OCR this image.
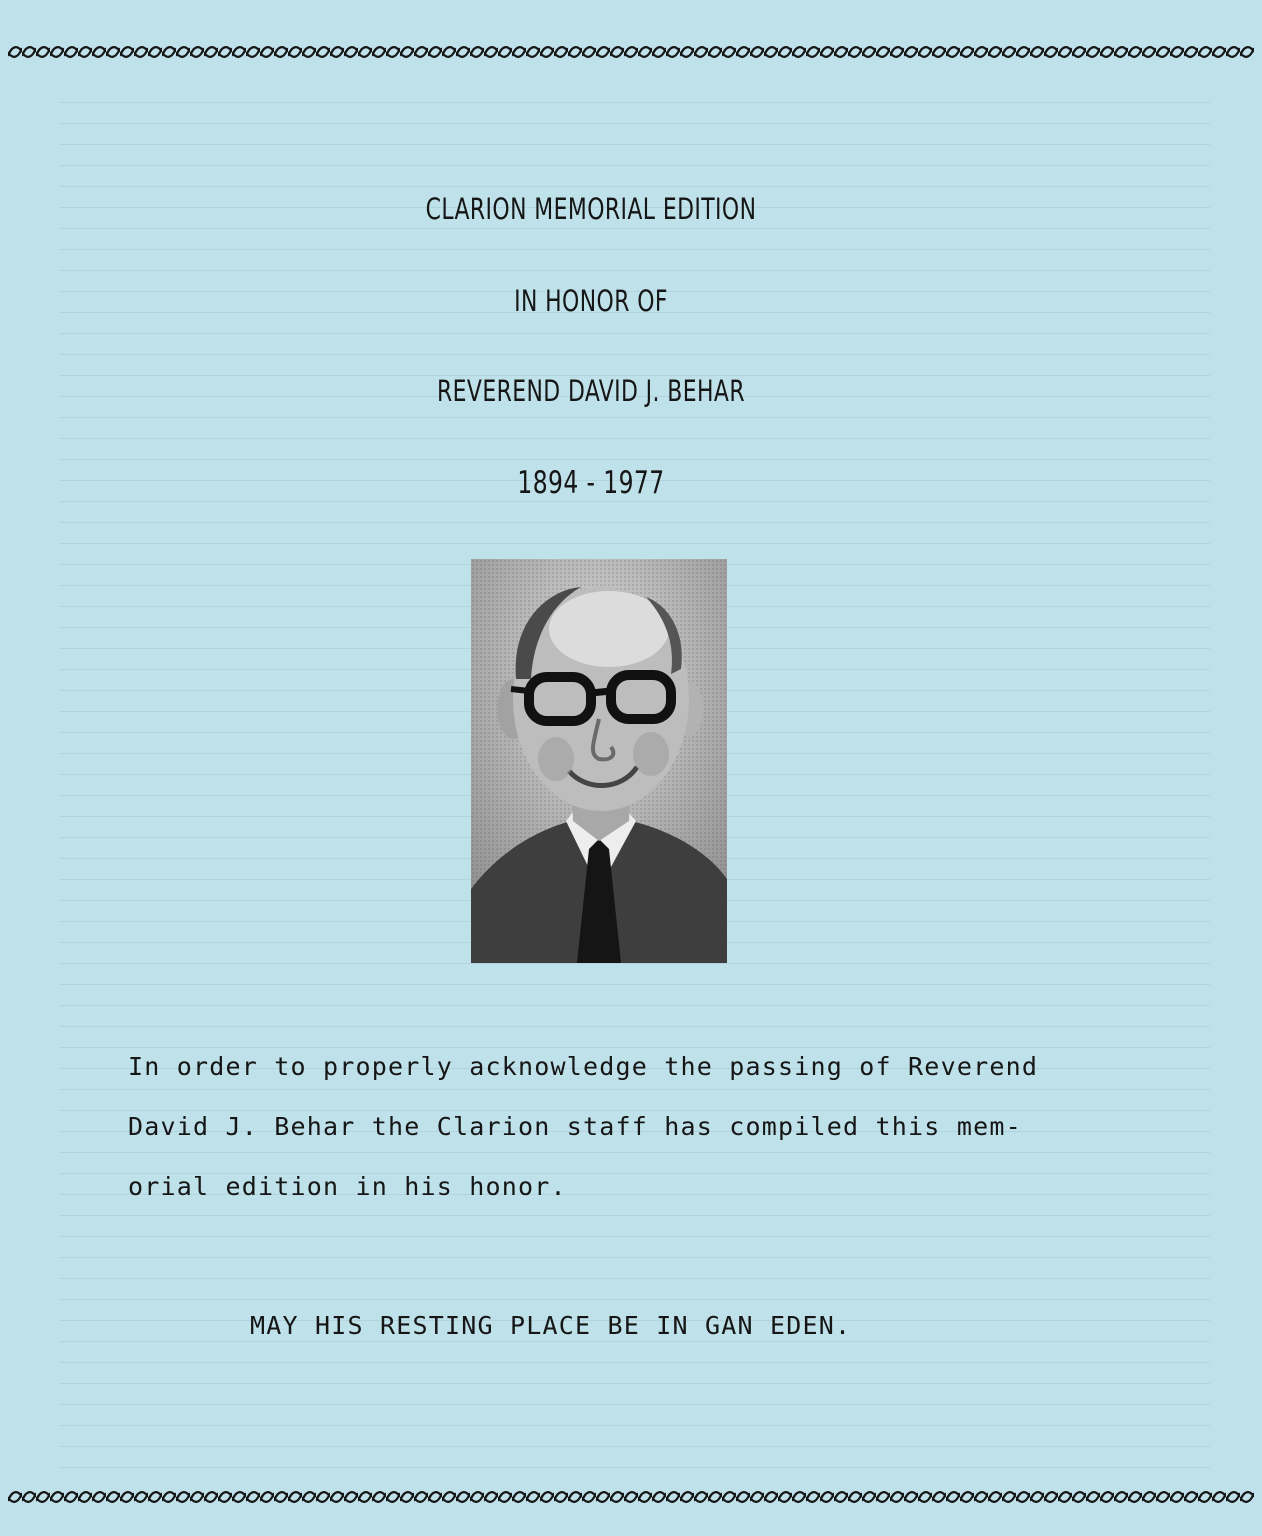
CLARION MEMORIAL EDITION
IN HONOR OF
REVEREND DAVID J. BEHAR
1894 - 1977
In order to properly acknowledge the passing of Reverend
David J. Behar the Clarion staff has compiled this mem-
orial edition in his honor.
MAY HIS RESTING PLACE BE IN GAN EDEN.
